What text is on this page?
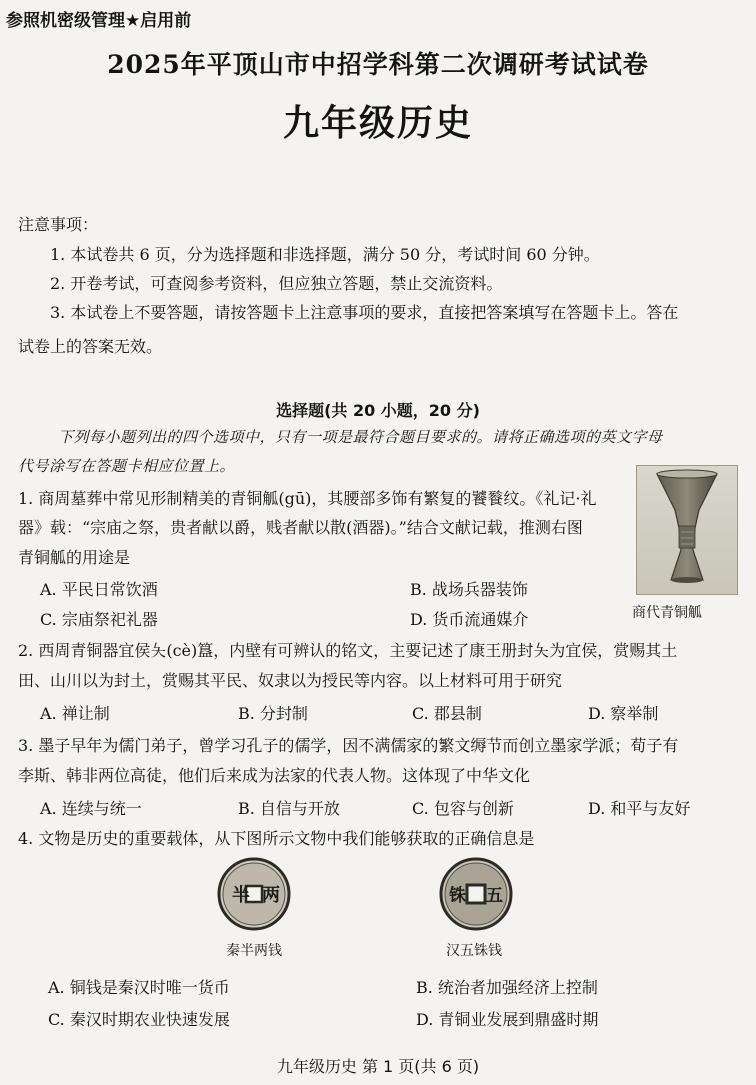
参照机密级管理★启用前
2025年平顶山市中招学科第二次调研考试试卷
九年级历史
注意事项：
1. 本试卷共 6 页，分为选择题和非选择题，满分 50 分，考试时间 60 分钟。
2. 开卷考试，可查阅参考资料，但应独立答题，禁止交流资料。
3. 本试卷上不要答题，请按答题卡上注意事项的要求，直接把答案填写在答题卡上。答在
试卷上的答案无效。
选择题(共 20 小题，20 分)
下列每小题列出的四个选项中，只有一项是最符合题目要求的。请将正确选项的英文字母
代号涂写在答题卡相应位置上。
1. 商周墓葬中常见形制精美的青铜觚(gū)，其腰部多饰有繁复的饕餮纹。《礼记·礼
器》载：“宗庙之祭，贵者献以爵，贱者献以散(酒器)。”结合文献记载，推测右图
青铜觚的用途是
A. 平民日常饮酒	B. 战场兵器装饰
C. 宗庙祭祀礼器	D. 货币流通媒介	商代青铜觚
2. 西周青铜器宜侯夨(cè)簋，内壁有可辨认的铭文，主要记述了康王册封夨为宜侯，赏赐其土
田、山川以为封土，赏赐其平民、奴隶以为授民等内容。以上材料可用于研究
A. 禅让制	B. 分封制	C. 郡县制	D. 察举制
3. 墨子早年为儒门弟子，曾学习孔子的儒学，因不满儒家的繁文缛节而创立墨家学派；荀子有
李斯、韩非两位高徒，他们后来成为法家的代表人物。这体现了中华文化
A. 连续与统一	B. 自信与开放	C. 包容与创新	D. 和平与友好
4. 文物是历史的重要载体，从下图所示文物中我们能够获取的正确信息是
半 两
秦半两钱
五
铢
汉五铢钱
A. 铜钱是秦汉时唯一货币	B. 统治者加强经济上控制
C. 秦汉时期农业快速发展	D. 青铜业发展到鼎盛时期
九年级历史 第 1 页(共 6 页)
